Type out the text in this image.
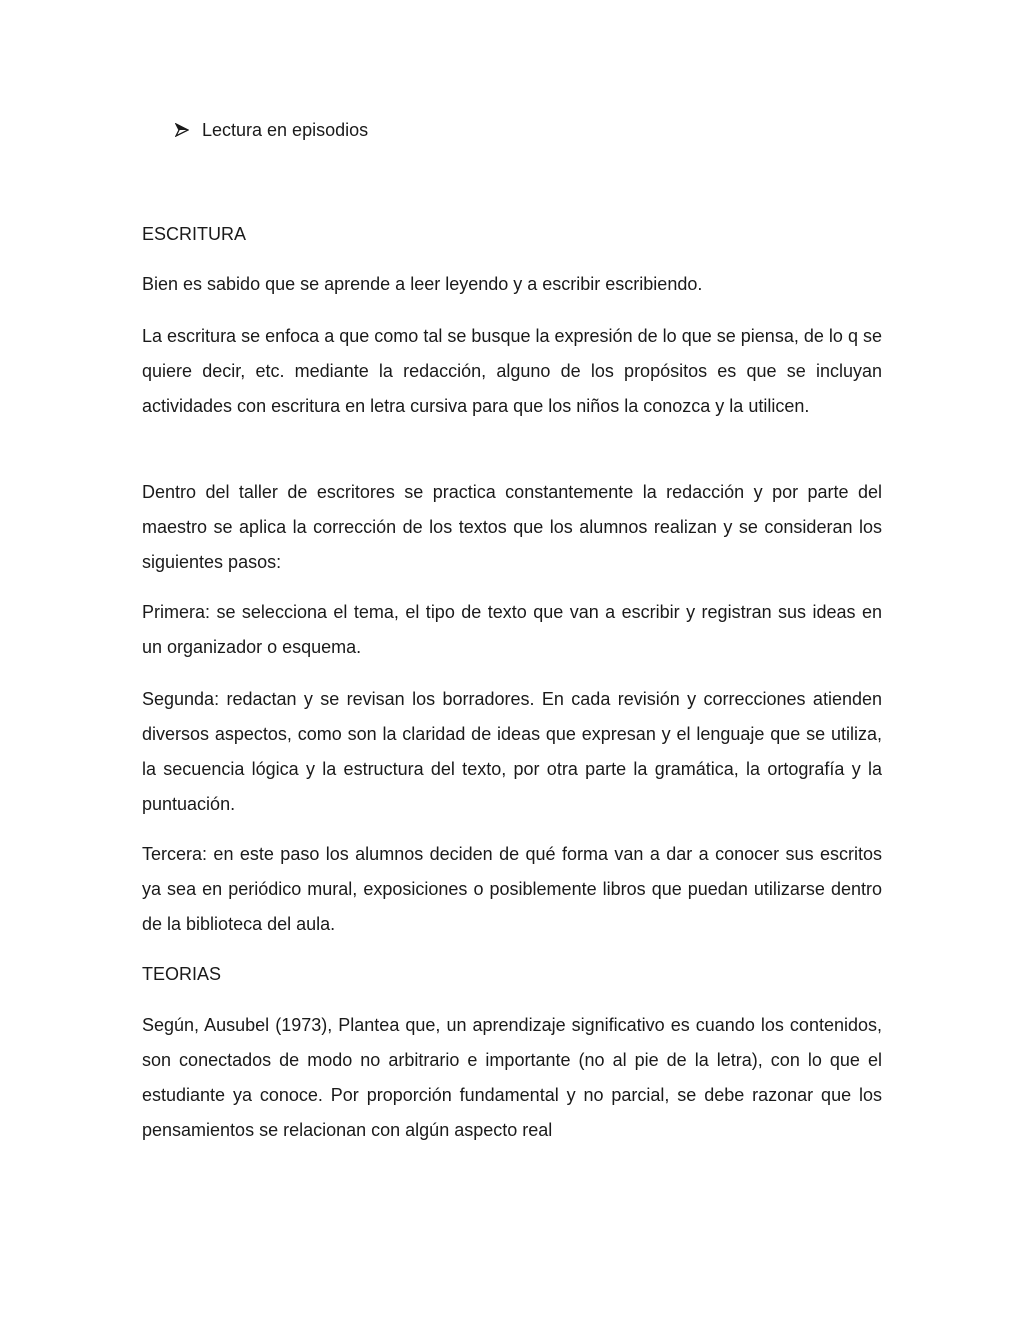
Lectura en episodios

ESCRITURA

Bien es sabido que se aprende a leer leyendo y a escribir escribiendo.

La escritura se enfoca a que como tal se busque la expresión de lo que se piensa, de lo q se quiere decir, etc. mediante la redacción, alguno de los propósitos es que se incluyan actividades con escritura en letra cursiva para que los niños la conozca y la utilicen.

Dentro del taller de escritores se practica constantemente la redacción y por parte del maestro se aplica la corrección de los textos que los alumnos realizan y se consideran los siguientes pasos:

Primera: se selecciona el tema, el tipo de texto que van a escribir y registran sus ideas en un organizador o esquema.

Segunda: redactan y se revisan los borradores. En cada revisión y correcciones atienden diversos aspectos, como son la claridad de ideas que expresan y el lenguaje que se utiliza, la secuencia lógica y la estructura del texto, por otra parte la gramática, la ortografía y la puntuación.

Tercera: en este paso los alumnos deciden de qué forma van a dar a conocer sus escritos ya sea en periódico mural, exposiciones o posiblemente libros que puedan utilizarse dentro de la biblioteca del aula.

TEORIAS

Según, Ausubel (1973), Plantea que, un aprendizaje significativo es cuando los contenidos, son conectados de modo no arbitrario e importante (no al pie de la letra), con lo que el estudiante ya conoce. Por proporción fundamental y no parcial, se debe razonar que los pensamientos se relacionan con algún aspecto real
